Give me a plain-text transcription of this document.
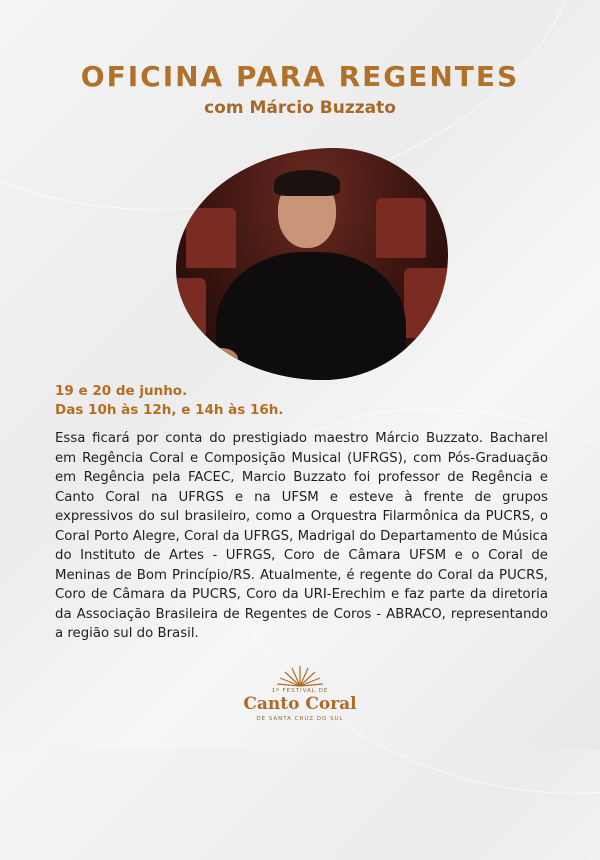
OFICINA PARA REGENTES
com Márcio Buzzato
19 e 20 de junho.
Das 10h às 12h, e 14h às 16h.
Essa ficará por conta do prestigiado maestro Márcio Buzzato. Bacharel em Regência Coral e Composição Musical (UFRGS), com Pós-Graduação em Regência pela FACEC, Marcio Buzzato foi professor de Regência e Canto Coral na UFRGS e na UFSM e esteve à frente de grupos expressivos do sul brasileiro, como a Orquestra Filarmônica da PUCRS, o Coral Porto Alegre, Coral da UFRGS, Madrigal do Departamento de Música do Instituto de Artes - UFRGS, Coro de Câmara UFSM e o Coral de Meninas de Bom Princípio/RS. Atualmente, é regente do Coral da PUCRS, Coro de Câmara da PUCRS, Coro da URI-Erechim e faz parte da diretoria da Associação Brasileira de Regentes de Coros - ABRACO, representando a região sul do Brasil.
1º FESTIVAL DE
Canto Coral
DE SANTA CRUZ DO SUL
